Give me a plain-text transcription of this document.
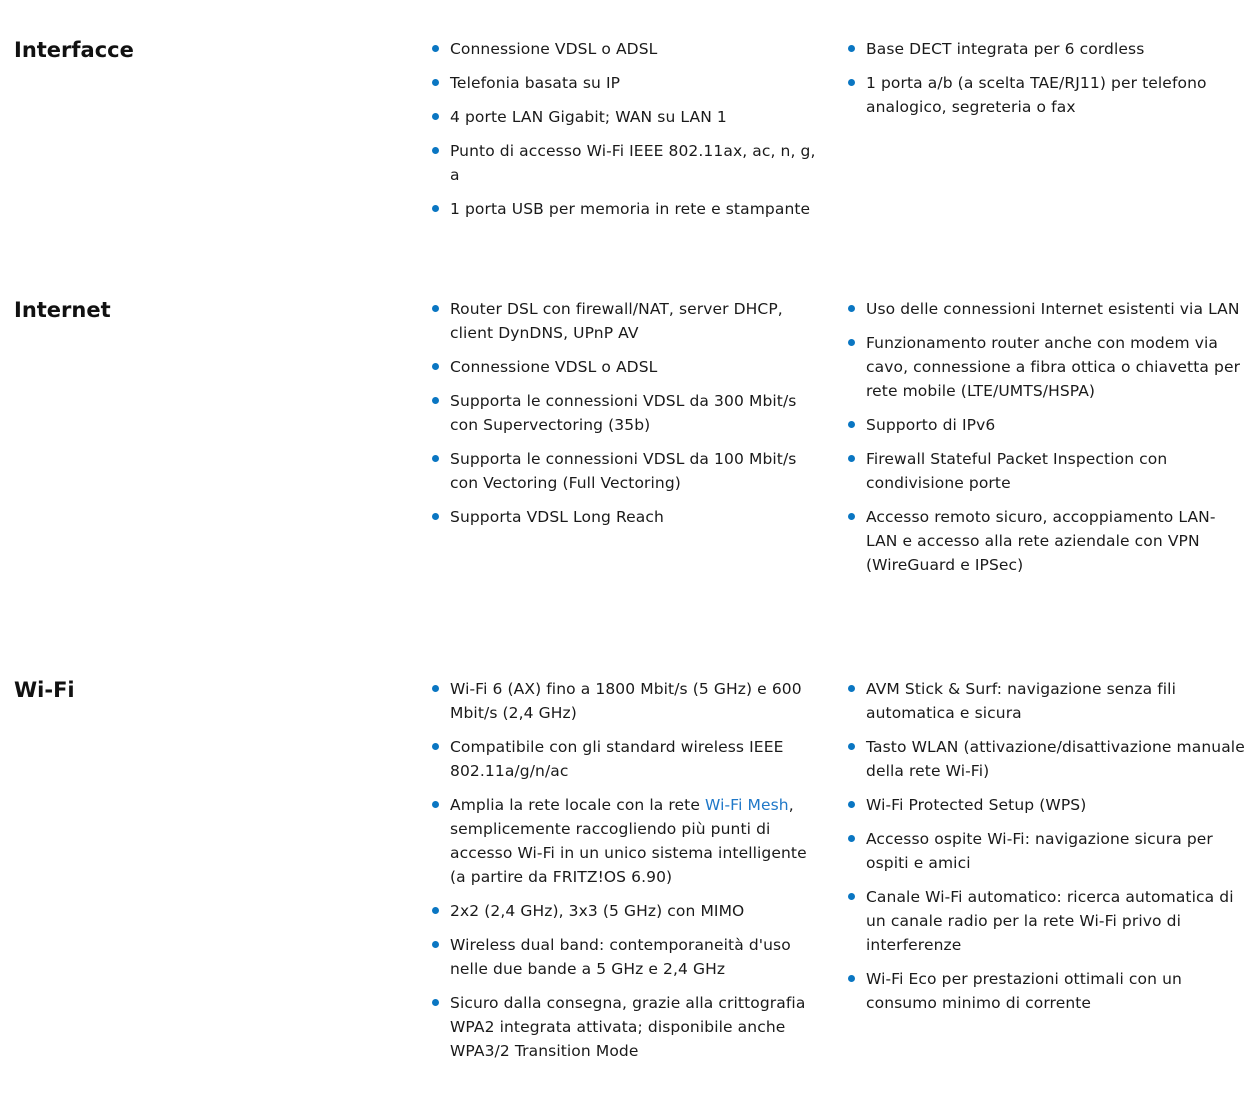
Interfacce	Connessione VDSL o ADSL
Telefonia basata su IP
4 porte LAN Gigabit; WAN su LAN 1
Punto di accesso Wi-Fi IEEE 802.11ax, ac, n, g, a
1 porta USB per memoria in rete e stampante
Base DECT integrata per 6 cordless
1 porta a/b (a scelta TAE/RJ11) per telefono analogico, segreteria o fax
Internet	Router DSL con firewall/NAT, server DHCP, client DynDNS, UPnP AV
Connessione VDSL o ADSL
Supporta le connessioni VDSL da 300 Mbit/s con Supervectoring (35b)
Supporta le connessioni VDSL da 100 Mbit/s con Vectoring (Full Vectoring)
Supporta VDSL Long Reach
Uso delle connessioni Internet esistenti via LAN
Funzionamento router anche con modem via cavo, connessione a fibra ottica o chiavetta per rete mobile (LTE/UMTS/HSPA)
Supporto di IPv6
Firewall Stateful Packet Inspection con condivisione porte
Accesso remoto sicuro, accoppiamento LAN-LAN e accesso alla rete aziendale con VPN (WireGuard e IPSec)
Wi-Fi	Wi-Fi 6 (AX) fino a 1800 Mbit/s (5 GHz) e 600 Mbit/s (2,4 GHz)
Compatibile con gli standard wireless IEEE 802.11a/g/n/ac
Amplia la rete locale con la rete Wi-Fi Mesh, semplicemente raccogliendo più punti di accesso Wi-Fi in un unico sistema intelligente (a partire da FRITZ!OS 6.90)
2x2 (2,4 GHz), 3x3 (5 GHz) con MIMO
Wireless dual band: contemporaneità d'uso nelle due bande a 5 GHz e 2,4 GHz
Sicuro dalla consegna, grazie alla crittografia WPA2 integrata attivata; disponibile anche WPA3/2 Transition Mode
AVM Stick & Surf: navigazione senza fili automatica e sicura
Tasto WLAN (attivazione/disattivazione manuale della rete Wi-Fi)
Wi-Fi Protected Setup (WPS)
Accesso ospite Wi-Fi: navigazione sicura per ospiti e amici
Canale Wi-Fi automatico: ricerca automatica di un canale radio per la rete Wi-Fi privo di interferenze
Wi-Fi Eco per prestazioni ottimali con un consumo minimo di corrente
